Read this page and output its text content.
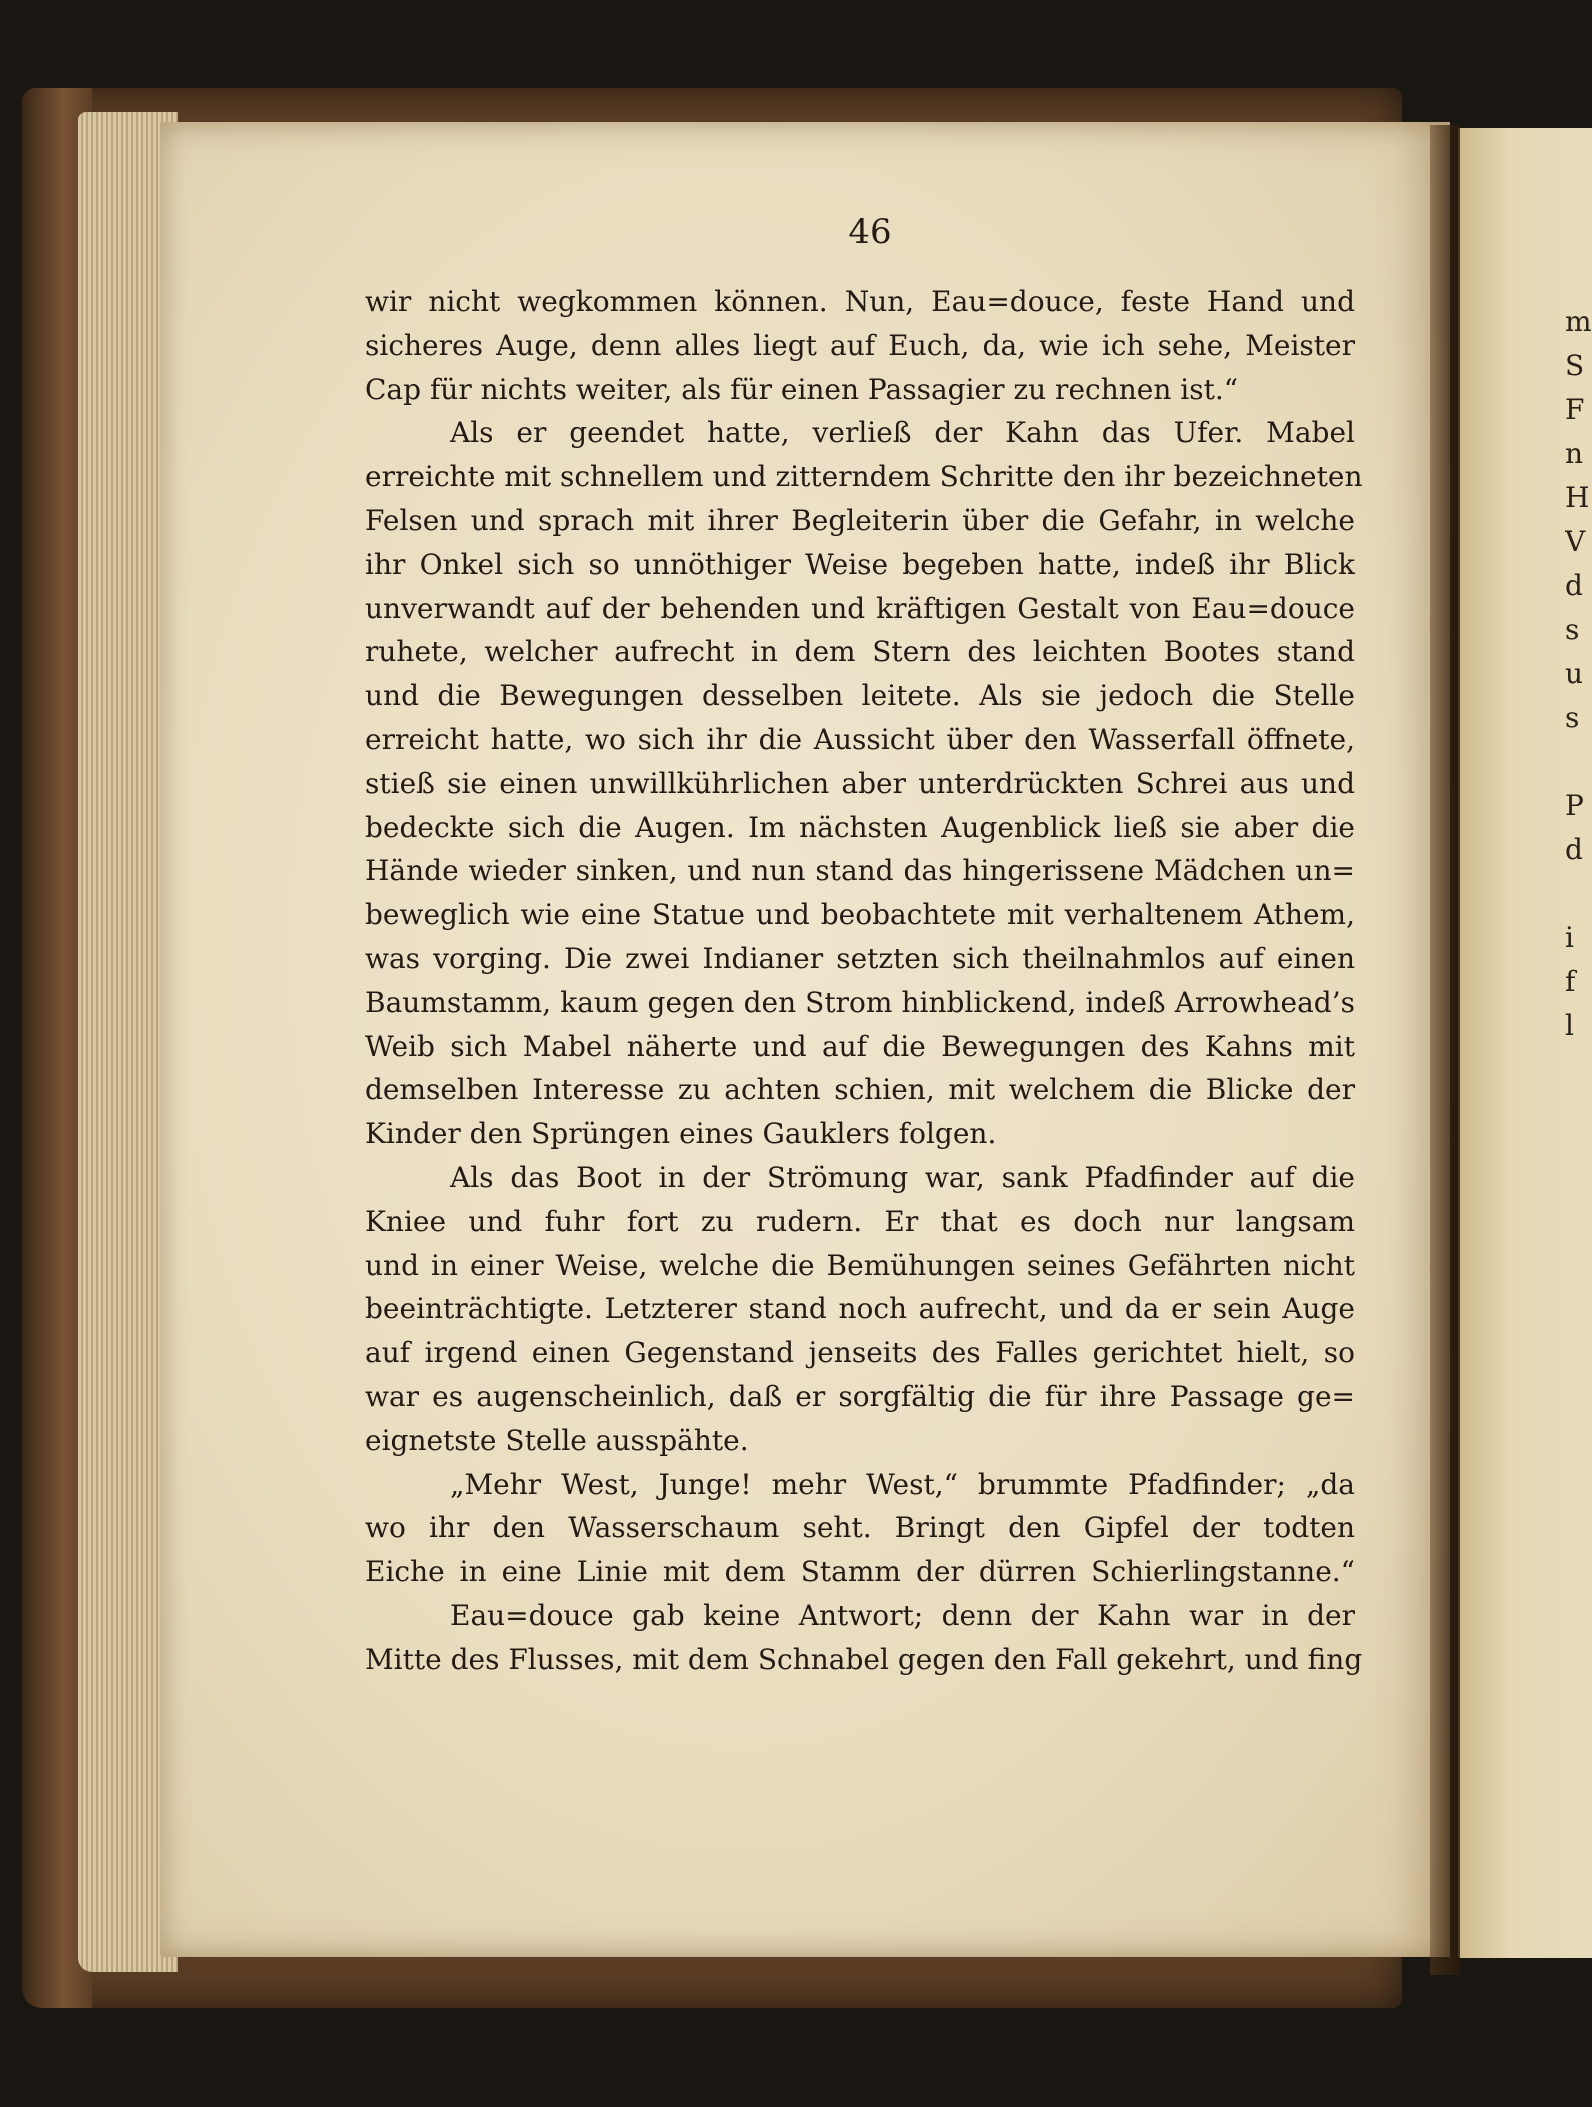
m
S
F
n
H
V
d
s
u
s

P
d

i
f
l
46
wir nicht wegkommen können. Nun, Eau=douce, feste Hand und
sicheres Auge, denn alles liegt auf Euch, da, wie ich sehe, Meister
Cap für nichts weiter, als für einen Passagier zu rechnen ist.“
Als er geendet hatte, verließ der Kahn das Ufer. Mabel
erreichte mit schnellem und zitterndem Schritte den ihr bezeichneten
Felsen und sprach mit ihrer Begleiterin über die Gefahr, in welche
ihr Onkel sich so unnöthiger Weise begeben hatte, indeß ihr Blick
unverwandt auf der behenden und kräftigen Gestalt von Eau=douce
ruhete, welcher aufrecht in dem Stern des leichten Bootes stand
und die Bewegungen desselben leitete. Als sie jedoch die Stelle
erreicht hatte, wo sich ihr die Aussicht über den Wasserfall öffnete,
stieß sie einen unwillkührlichen aber unterdrückten Schrei aus und
bedeckte sich die Augen. Im nächsten Augenblick ließ sie aber die
Hände wieder sinken, und nun stand das hingerissene Mädchen un=
beweglich wie eine Statue und beobachtete mit verhaltenem Athem,
was vorging. Die zwei Indianer setzten sich theilnahmlos auf einen
Baumstamm, kaum gegen den Strom hinblickend, indeß Arrowhead’s
Weib sich Mabel näherte und auf die Bewegungen des Kahns mit
demselben Interesse zu achten schien, mit welchem die Blicke der
Kinder den Sprüngen eines Gauklers folgen.
Als das Boot in der Strömung war, sank Pfadfinder auf die
Kniee und fuhr fort zu rudern. Er that es doch nur langsam
und in einer Weise, welche die Bemühungen seines Gefährten nicht
beeinträchtigte. Letzterer stand noch aufrecht, und da er sein Auge
auf irgend einen Gegenstand jenseits des Falles gerichtet hielt, so
war es augenscheinlich, daß er sorgfältig die für ihre Passage ge=
eignetste Stelle ausspähte.
„Mehr West, Junge! mehr West,“ brummte Pfadfinder; „da
wo ihr den Wasserschaum seht. Bringt den Gipfel der todten
Eiche in eine Linie mit dem Stamm der dürren Schierlingstanne.“
Eau=douce gab keine Antwort; denn der Kahn war in der
Mitte des Flusses, mit dem Schnabel gegen den Fall gekehrt, und fing
